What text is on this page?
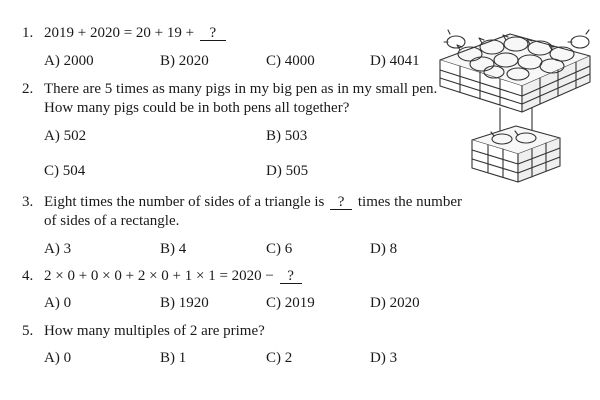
1. 2019 + 2020 = 20 + 19 + ?
A) 2000	B) 2020	C) 4000	D) 4041
2. There are 5 times as many pigs in my big pen as in my small pen.
How many pigs could be in both pens all together?
A) 502	B) 503
C) 504	D) 505
3. Eight times the number of sides of a triangle is ? times the number
of sides of a rectangle.
A) 3	B) 4	C) 6	D) 8
4. 2 × 0 + 0 × 0 + 2 × 0 + 1 × 1 = 2020 − ?
A) 0	B) 1920	C) 2019	D) 2020
5. How many multiples of 2 are prime?
A) 0	B) 1	C) 2	D) 3
